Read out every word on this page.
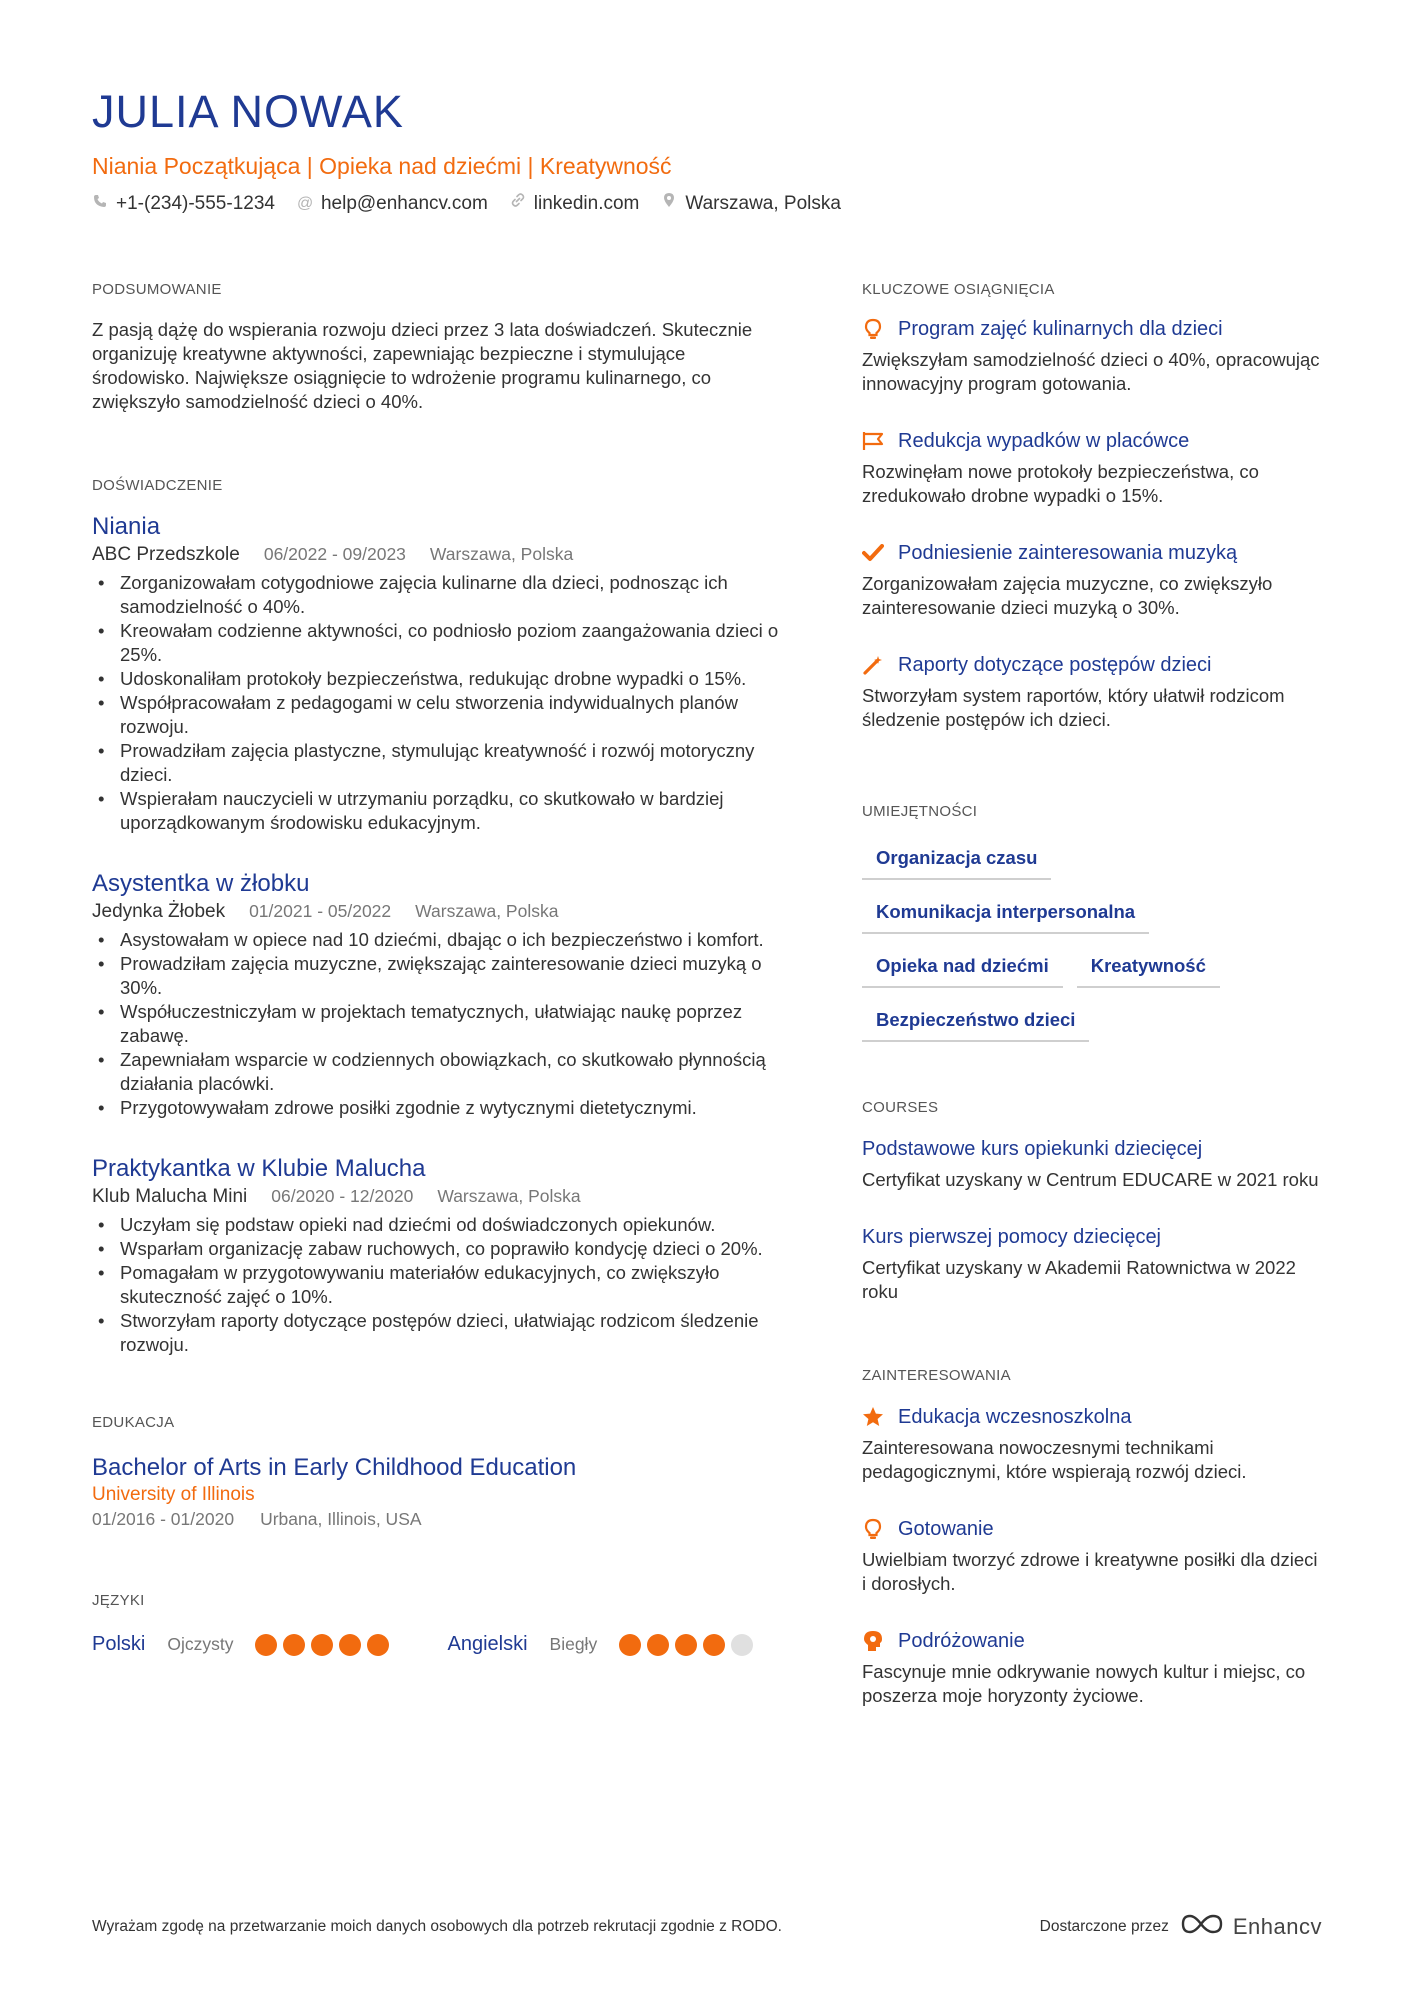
JULIA NOWAK
Niania Początkująca | Opieka nad dziećmi | Kreatywność
+1-(234)-555-1234 @ help@enhancv.com linkedin.com Warszawa, Polska
PODSUMOWANIE
Z pasją dążę do wspierania rozwoju dzieci przez 3 lata doświadczeń. Skutecznie organizuję kreatywne aktywności, zapewniając bezpieczne i stymulujące środowisko. Największe osiągnięcie to wdrożenie programu kulinarnego, co zwiększyło samodzielność dzieci o 40%.
DOŚWIADCZENIE
Niania
ABC Przedszkole 06/2022 - 09/2023 Warszawa, Polska
• Zorganizowałam cotygodniowe zajęcia kulinarne dla dzieci, podnosząc ich samodzielność o 40%.
• Kreowałam codzienne aktywności, co podniosło poziom zaangażowania dzieci o 25%.
• Udoskonaliłam protokoły bezpieczeństwa, redukując drobne wypadki o 15%.
• Współpracowałam z pedagogami w celu stworzenia indywidualnych planów rozwoju.
• Prowadziłam zajęcia plastyczne, stymulując kreatywność i rozwój motoryczny dzieci.
• Wspierałam nauczycieli w utrzymaniu porządku, co skutkowało w bardziej uporządkowanym środowisku edukacyjnym.
Asystentka w żłobku
Jedynka Żłobek 01/2021 - 05/2022 Warszawa, Polska
• Asystowałam w opiece nad 10 dziećmi, dbając o ich bezpieczeństwo i komfort.
• Prowadziłam zajęcia muzyczne, zwiększając zainteresowanie dzieci muzyką o 30%.
• Współuczestniczyłam w projektach tematycznych, ułatwiając naukę poprzez zabawę.
• Zapewniałam wsparcie w codziennych obowiązkach, co skutkowało płynnością działania placówki.
• Przygotowywałam zdrowe posiłki zgodnie z wytycznymi dietetycznymi.
Praktykantka w Klubie Malucha
Klub Malucha Mini 06/2020 - 12/2020 Warszawa, Polska
• Uczyłam się podstaw opieki nad dziećmi od doświadczonych opiekunów.
• Wsparłam organizację zabaw ruchowych, co poprawiło kondycję dzieci o 20%.
• Pomagałam w przygotowywaniu materiałów edukacyjnych, co zwiększyło skuteczność zajęć o 10%.
• Stworzyłam raporty dotyczące postępów dzieci, ułatwiając rodzicom śledzenie rozwoju.
EDUKACJA
Bachelor of Arts in Early Childhood Education
University of Illinois
01/2016 - 01/2020 Urbana, Illinois, USA
JĘZYKI
Polski Ojczysty	Angielski Biegły
KLUCZOWE OSIĄGNIĘCIA
Program zajęć kulinarnych dla dzieci
Zwiększyłam samodzielność dzieci o 40%, opracowując innowacyjny program gotowania.
Redukcja wypadków w placówce
Rozwinęłam nowe protokoły bezpieczeństwa, co zredukowało drobne wypadki o 15%.
Podniesienie zainteresowania muzyką
Zorganizowałam zajęcia muzyczne, co zwiększyło zainteresowanie dzieci muzyką o 30%.
Raporty dotyczące postępów dzieci
Stworzyłam system raportów, który ułatwił rodzicom śledzenie postępów ich dzieci.
UMIEJĘTNOŚCI
Organizacja czasu
Komunikacja interpersonalna
Opieka nad dziećmi	Kreatywność
Bezpieczeństwo dzieci
COURSES
Podstawowe kurs opiekunki dziecięcej
Certyfikat uzyskany w Centrum EDUCARE w 2021 roku
Kurs pierwszej pomocy dziecięcej
Certyfikat uzyskany w Akademii Ratownictwa w 2022 roku
ZAINTERESOWANIA
Edukacja wczesnoszkolna
Zainteresowana nowoczesnymi technikami pedagogicznymi, które wspierają rozwój dzieci.
Gotowanie
Uwielbiam tworzyć zdrowe i kreatywne posiłki dla dzieci i dorosłych.
Podróżowanie
Fascynuje mnie odkrywanie nowych kultur i miejsc, co poszerza moje horyzonty życiowe.
Wyrażam zgodę na przetwarzanie moich danych osobowych dla potrzeb rekrutacji zgodnie z RODO.	Dostarczone przez	Enhancv
